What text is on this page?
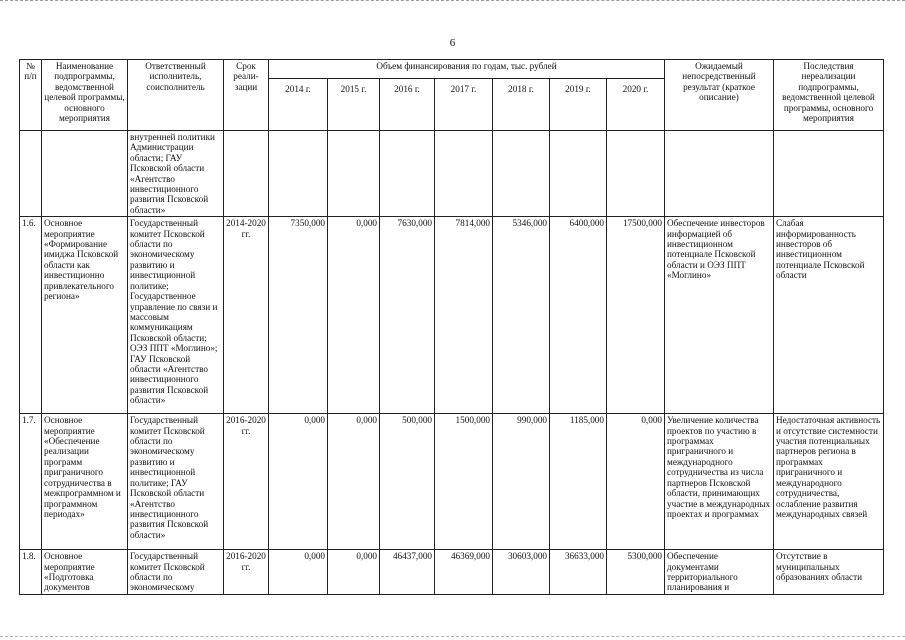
6
№ п/п	Наименование подпрограммы, ведомственной целевой программы, основного мероприятия	Ответственный исполнитель, соисполнитель	Срок реали-зации	Объем финансирования по годам, тыс. рублей							Ожидаемый непосредственный результат (краткое описание)	Последствия нереализации подпрограммы, ведомственной целевой программы, основного мероприятия
				2014 г.	2015 г.	2016 г.	2017 г.	2018 г.	2019 г.	2020 г.		
		внутренней политики Администрации области; ГАУ Псковской области «Агентство инвестиционного развития Псковской области»										
1.6.	Основное мероприятие «Формирование имиджа Псковской области как инвестиционно привлекательного региона»	Государственный комитет Псковской области по экономическому развитию и инвестиционной политике; Государственное управление по связи и массовым коммуникациям Псковской области; ОЭЗ ППТ «Моглино»; ГАУ Псковской области «Агентство инвестиционного развития Псковской области»	2014-2020 гг.	7350,000	0,000	7630,000	7814,000	5346,000	6400,000	17500,000	Обеспечение инвесторов информацией об инвестиционном потенциале Псковской области и ОЭЗ ППТ «Моглино»	Слабая информированность инвесторов об инвестиционном потенциале Псковской области
1.7.	Основное мероприятие «Обеспечение реализации программ приграничного сотрудничества в межпрограммном и программном периодах»	Государственный комитет Псковской области по экономическому развитию и инвестиционной политике; ГАУ Псковской области «Агентство инвестиционного развития Псковской области»	2016-2020 гг.	0,000	0,000	500,000	1500,000	990,000	1185,000	0,000	Увеличение количества проектов по участию в программах приграничного и международного сотрудничества из числа партнеров Псковской области, принимающих участие в международных проектах и программах	Недостаточная активность и отсутствие системности участия потенциальных партнеров региона в программах приграничного и международного сотрудничества, ослабление развития международных связей
1.8.	Основное мероприятие «Подготовка документов	Государственный комитет Псковской области по экономическому	2016-2020 гг.	0,000	0,000	46437,000	46369,000	30603,000	36633,000	5300,000	Обеспечение документами территориального планирования и	Отсутствие в муниципальных образованиях области
